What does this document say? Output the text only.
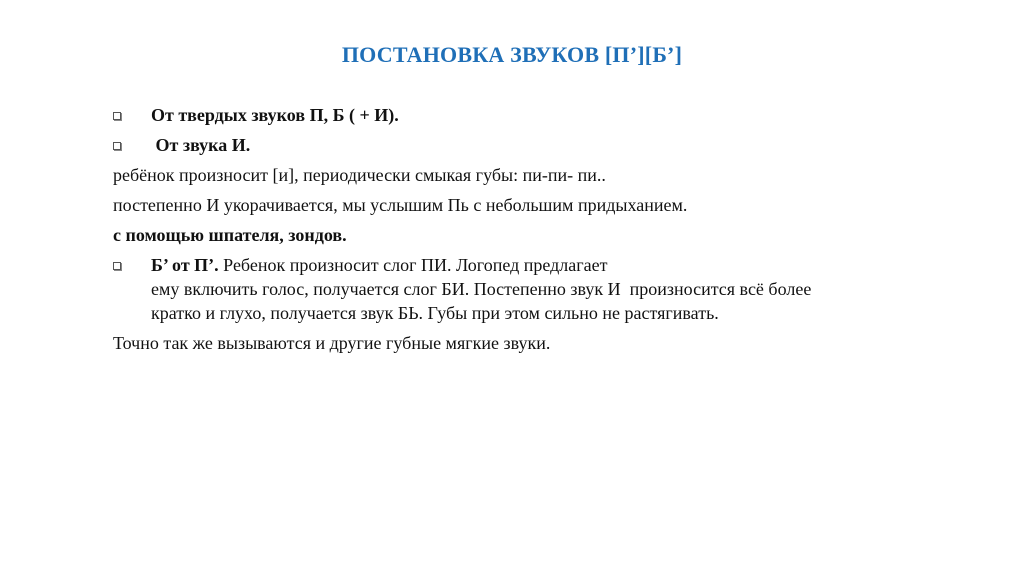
ПОСТАНОВКА ЗВУКОВ [П’][Б’]
От твердых звуков П, Б ( + И).
От звука И.
ребёнок произносит [и], периодически смыкая губы: пи-пи- пи..
постепенно И укорачивается, мы услышим Пь с небольшим придыханием.
с помощью шпателя, зондов.
Б’ от П’. Ребенок произносит слог ПИ. Логопед предлагает
ему включить голос, получается слог БИ. Постепенно звук И  произносится всё более
кратко и глухо, получается звук БЬ. Губы при этом сильно не растягивать.
Точно так же вызываются и другие губные мягкие звуки.
